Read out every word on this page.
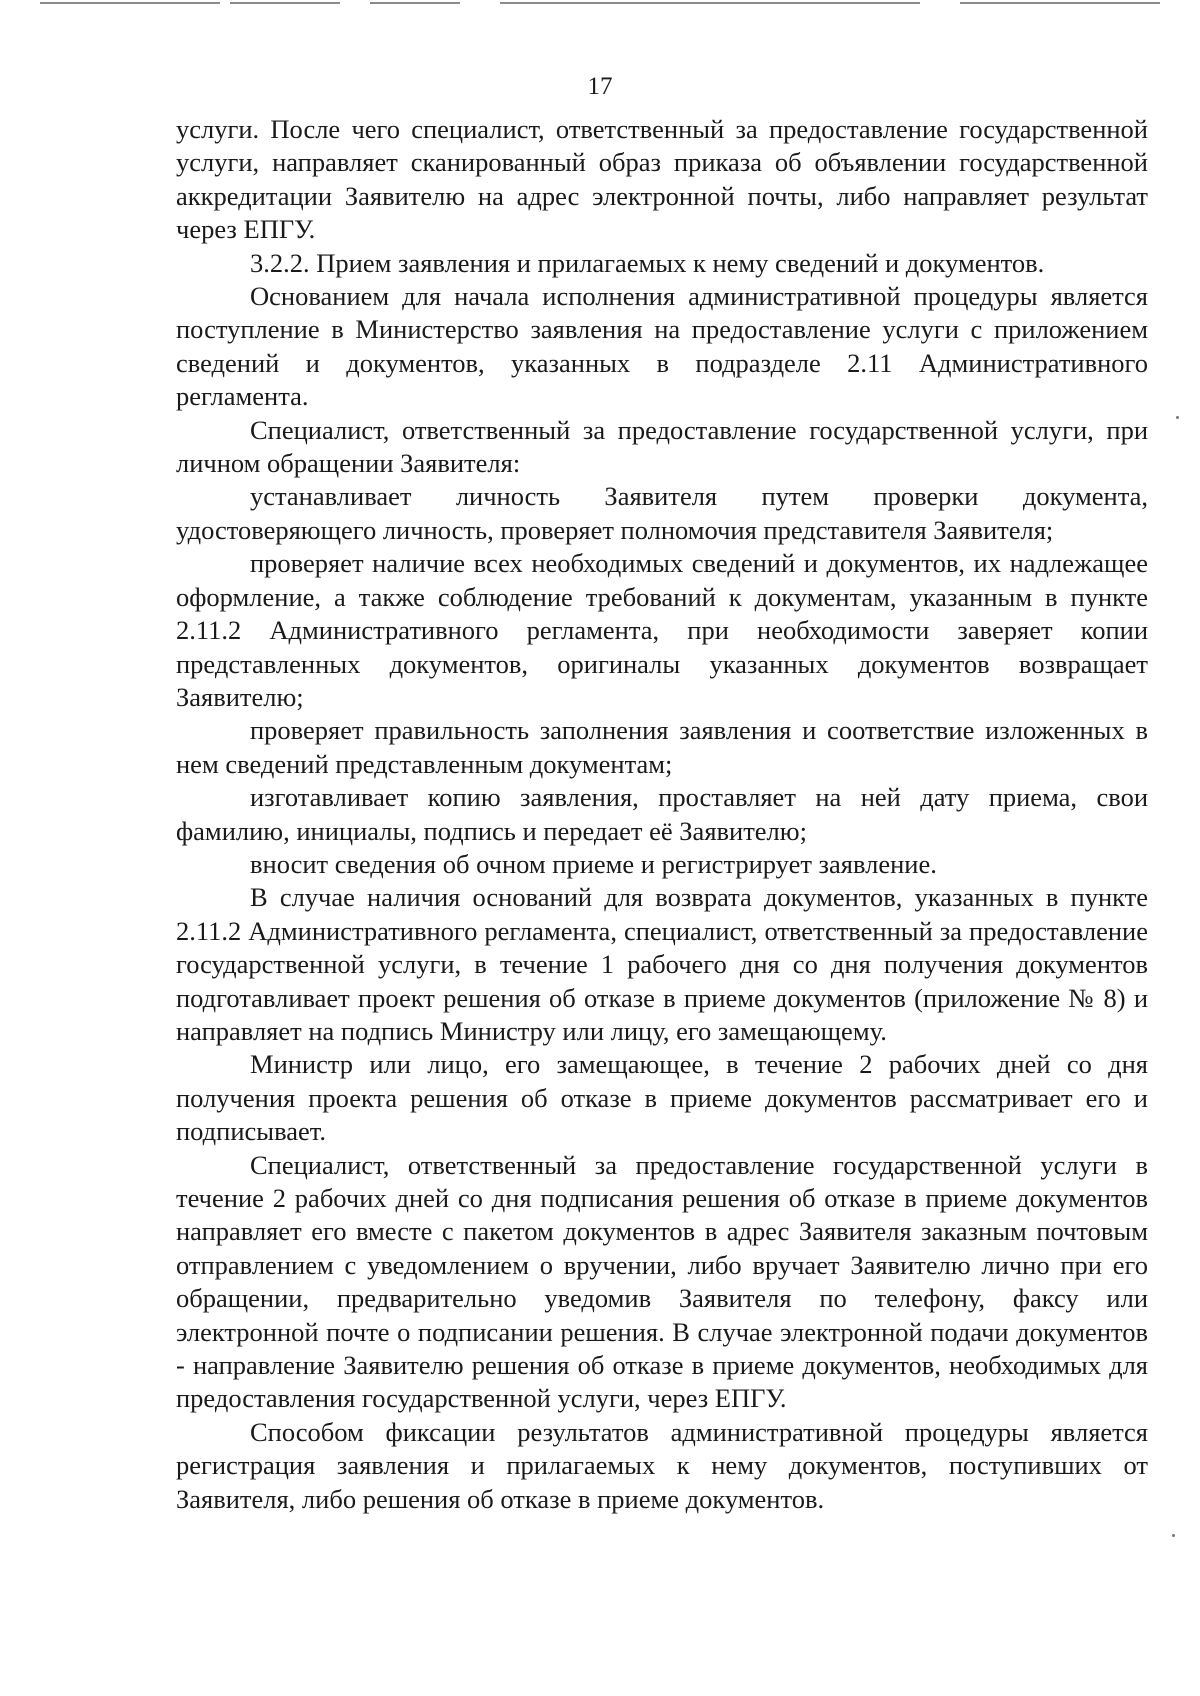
17

услуги. После чего специалист, ответственный за предоставление государственной услуги, направляет сканированный образ приказа об объявлении государственной аккредитации Заявителю на адрес электронной почты, либо направляет результат через ЕПГУ.

3.2.2. Прием заявления и прилагаемых к нему сведений и документов.

Основанием для начала исполнения административной процедуры является поступление в Министерство заявления на предоставление услуги с приложением сведений и документов, указанных в подразделе 2.11 Административного регламента.

Специалист, ответственный за предоставление государственной услуги, при личном обращении Заявителя:

устанавливает личность Заявителя путем проверки документа, удостоверяющего личность, проверяет полномочия представителя Заявителя;

проверяет наличие всех необходимых сведений и документов, их надлежащее оформление, а также соблюдение требований к документам, указанным в пункте 2.11.2 Административного регламента, при необходимости заверяет копии представленных документов, оригиналы указанных документов возвращает Заявителю;

проверяет правильность заполнения заявления и соответствие изложенных в нем сведений представленным документам;

изготавливает копию заявления, проставляет на ней дату приема, свои фамилию, инициалы, подпись и передает её Заявителю;

вносит сведения об очном приеме и регистрирует заявление.

В случае наличия оснований для возврата документов, указанных в пункте 2.11.2 Административного регламента, специалист, ответственный за предоставление государственной услуги, в течение 1 рабочего дня со дня получения документов подготавливает проект решения об отказе в приеме документов (приложение № 8) и направляет на подпись Министру или лицу, его замещающему.

Министр или лицо, его замещающее, в течение 2 рабочих дней со дня получения проекта решения об отказе в приеме документов рассматривает его и подписывает.

Специалист, ответственный за предоставление государственной услуги в течение 2 рабочих дней со дня подписания решения об отказе в приеме документов направляет его вместе с пакетом документов в адрес Заявителя заказным почтовым отправлением с уведомлением о вручении, либо вручает Заявителю лично при его обращении, предварительно уведомив Заявителя по телефону, факсу или электронной почте о подписании решения. В случае электронной подачи документов - направление Заявителю решения об отказе в приеме документов, необходимых для предоставления государственной услуги, через ЕПГУ.

Способом фиксации результатов административной процедуры является регистрация заявления и прилагаемых к нему документов, поступивших от Заявителя, либо решения об отказе в приеме документов.
